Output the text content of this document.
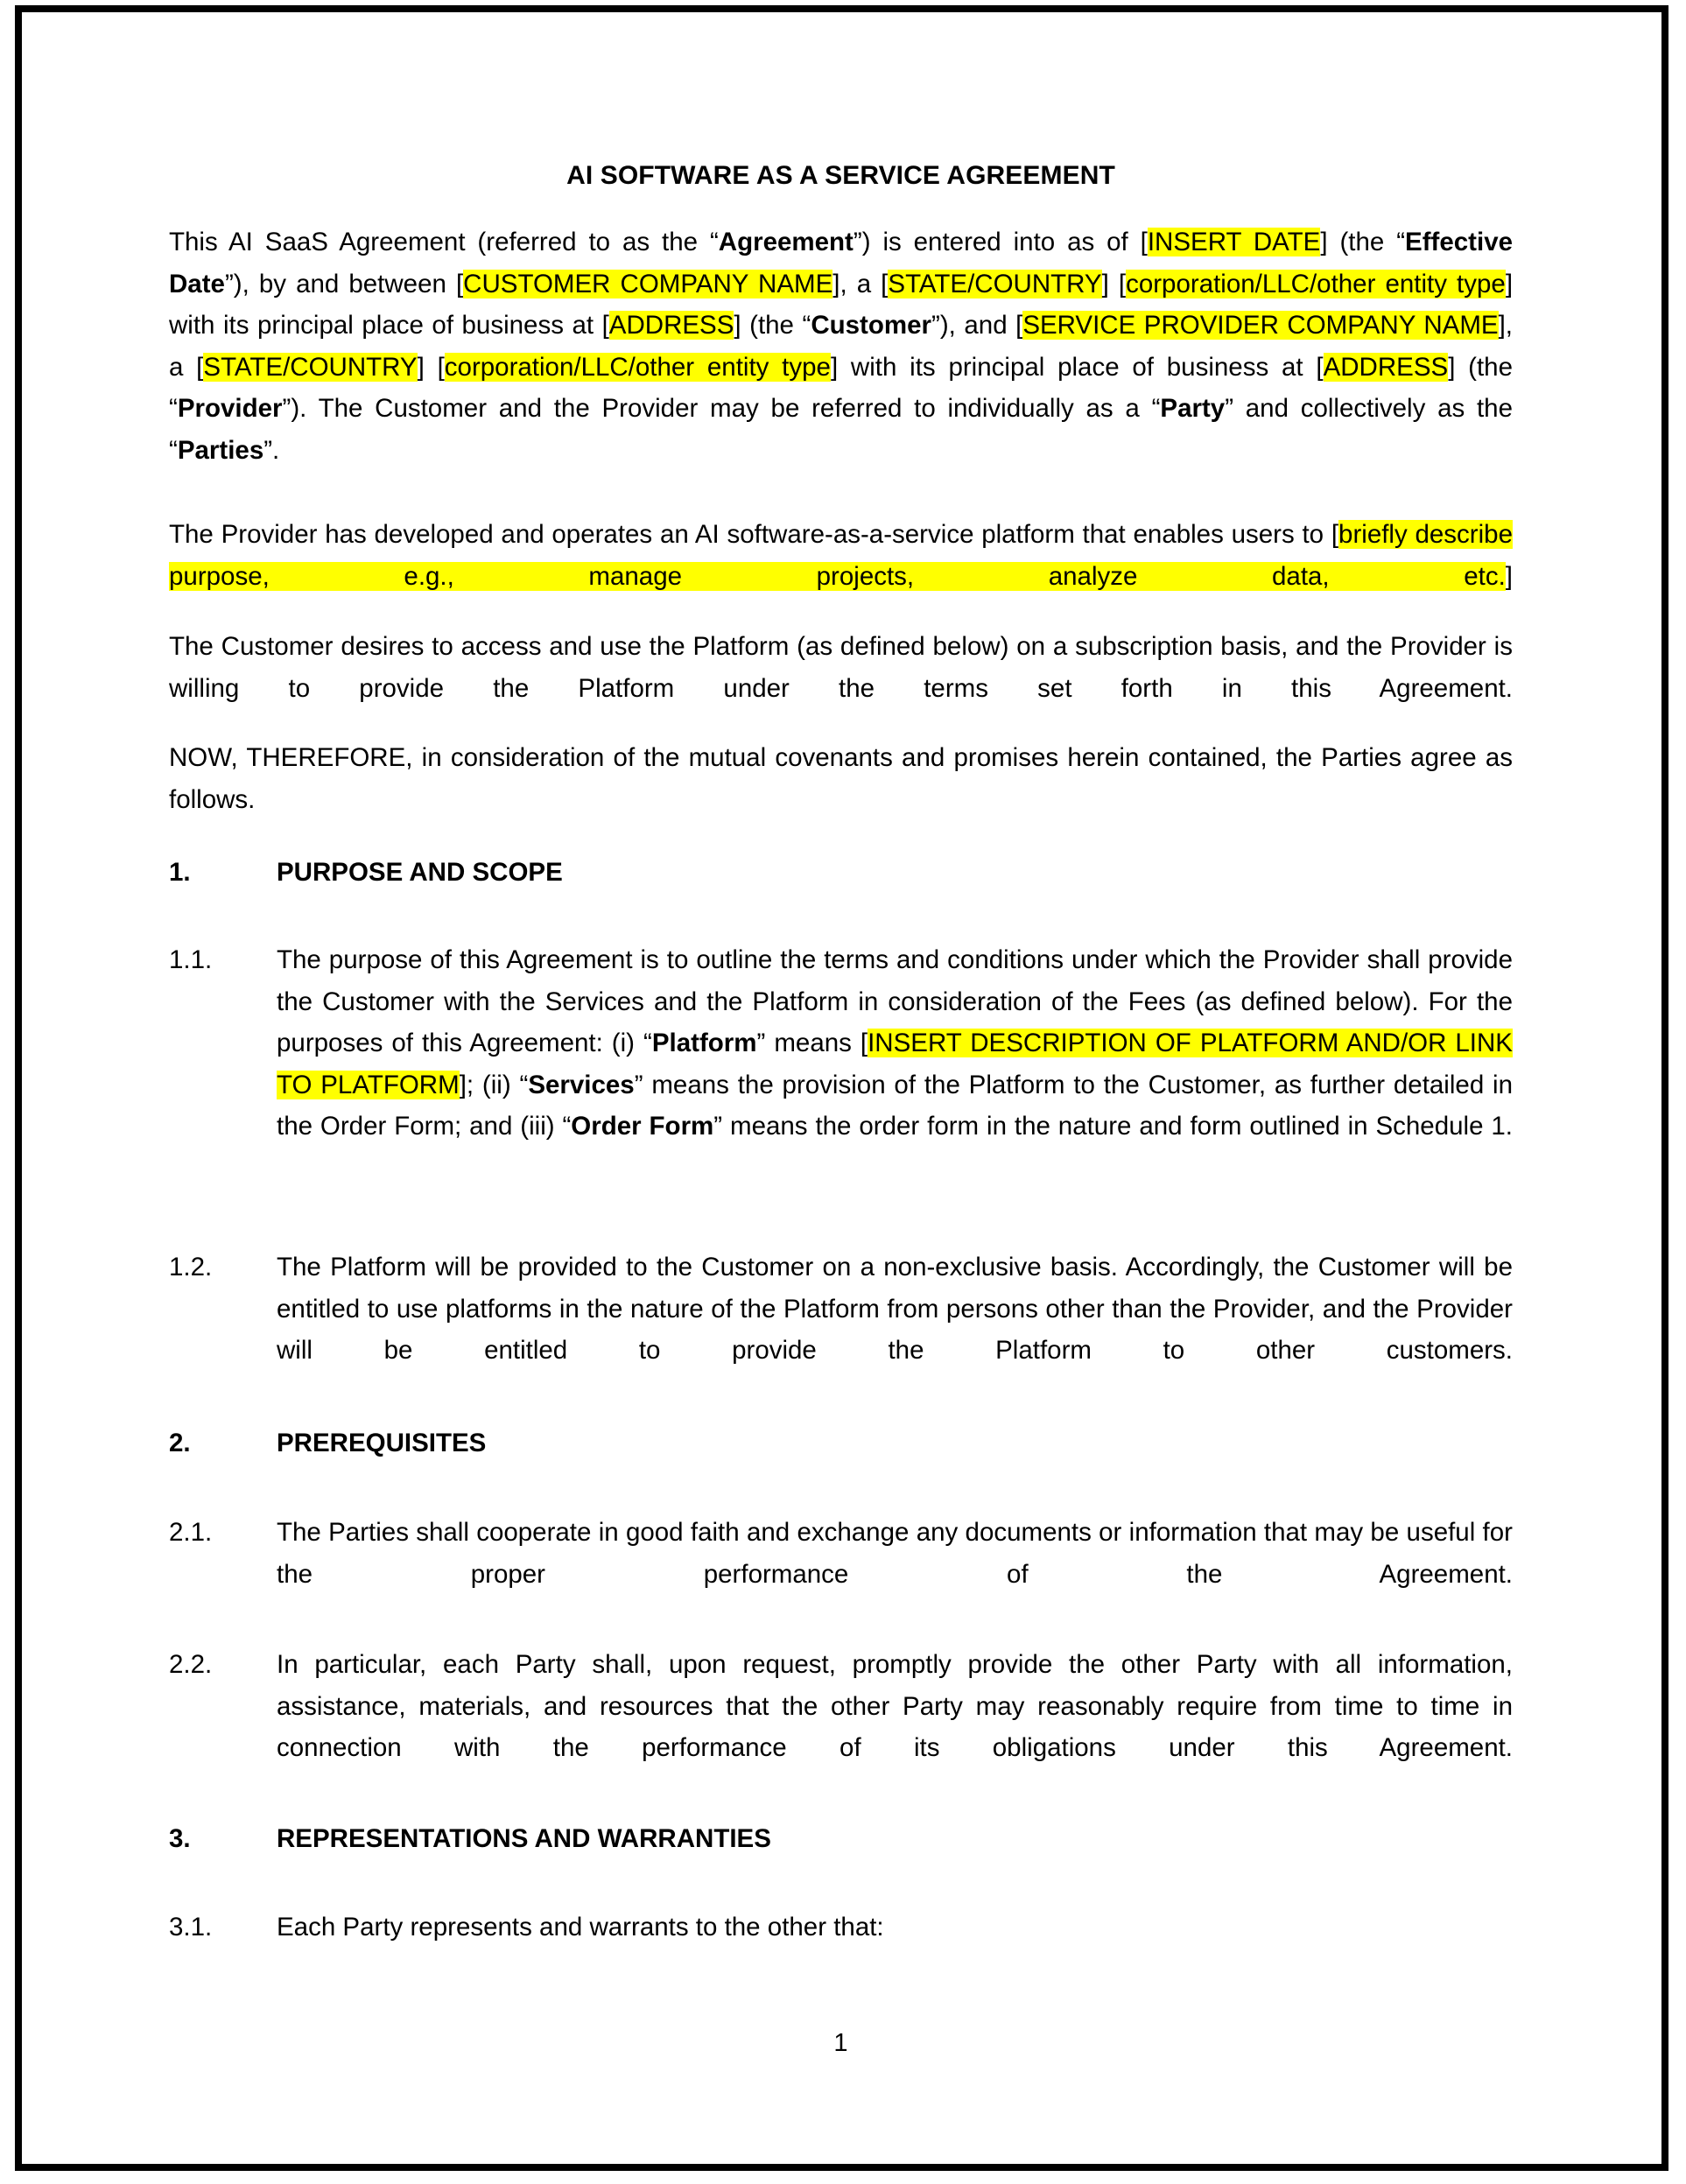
AI SOFTWARE AS A SERVICE AGREEMENT
This AI SaaS Agreement (referred to as the “Agreement”) is entered into as of [INSERT DATE] (the “Effective Date”), by and between [CUSTOMER COMPANY NAME], a [STATE/COUNTRY] [corporation/LLC/other entity type] with its principal place of business at [ADDRESS] (the “Customer”), and [SERVICE PROVIDER COMPANY NAME], a [STATE/COUNTRY] [corporation/LLC/other entity type] with its principal place of business at [ADDRESS] (the “Provider”). The Customer and the Provider may be referred to individually as a “Party” and collectively as the “Parties”.
The Provider has developed and operates an AI software-as-a-service platform that enables users to [briefly describe purpose, e.g., manage projects, analyze data, etc.]
The Customer desires to access and use the Platform (as defined below) on a subscription basis, and the Provider is willing to provide the Platform under the terms set forth in this Agreement.
NOW, THEREFORE, in consideration of the mutual covenants and promises herein contained, the Parties agree as follows.
1.	PURPOSE AND SCOPE
1.1.	The purpose of this Agreement is to outline the terms and conditions under which the Provider shall provide the Customer with the Services and the Platform in consideration of the Fees (as defined below). For the purposes of this Agreement: (i) “Platform” means [INSERT DESCRIPTION OF PLATFORM AND/OR LINK TO PLATFORM]; (ii) “Services” means the provision of the Platform to the Customer, as further detailed in the Order Form; and (iii) “Order Form” means the order form in the nature and form outlined in Schedule 1.
1.2.	The Platform will be provided to the Customer on a non-exclusive basis. Accordingly, the Customer will be entitled to use platforms in the nature of the Platform from persons other than the Provider, and the Provider will be entitled to provide the Platform to other customers.
2.	PREREQUISITES
2.1.	The Parties shall cooperate in good faith and exchange any documents or information that may be useful for the proper performance of the Agreement.
2.2.	In particular, each Party shall, upon request, promptly provide the other Party with all information, assistance, materials, and resources that the other Party may reasonably require from time to time in connection with the performance of its obligations under this Agreement.
3.	REPRESENTATIONS AND WARRANTIES
3.1.	Each Party represents and warrants to the other that:
1
